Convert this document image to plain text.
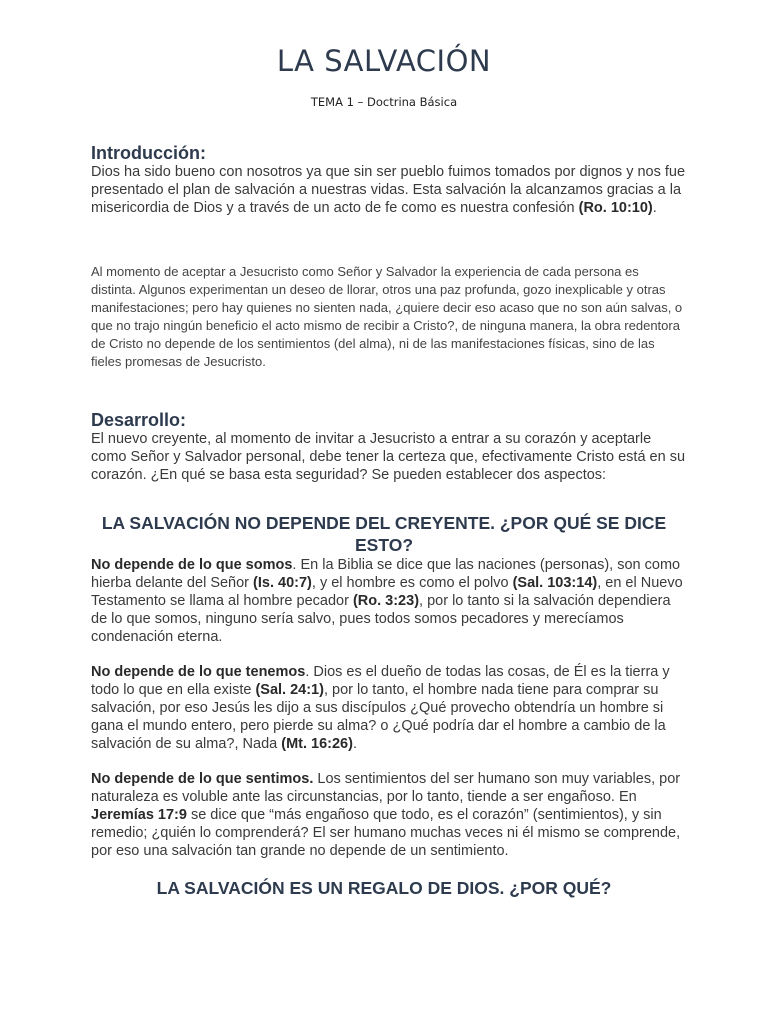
LA SALVACIÓN
TEMA 1 – Doctrina Básica
Introducción:

Dios ha sido bueno con nosotros ya que sin ser pueblo fuimos tomados por dignos y nos fue presentado el plan de salvación a nuestras vidas. Esta salvación la alcanzamos gracias a la misericordia de Dios y a través de un acto de fe como es nuestra confesión (Ro. 10:10).

Al momento de aceptar a Jesucristo como Señor y Salvador la experiencia de cada persona es distinta. Algunos experimentan un deseo de llorar, otros una paz profunda, gozo inexplicable y otras manifestaciones; pero hay quienes no sienten nada, ¿quiere decir eso acaso que no son aún salvas, o que no trajo ningún beneficio el acto mismo de recibir a Cristo?, de ninguna manera, la obra redentora de Cristo no depende de los sentimientos (del alma), ni de las manifestaciones físicas, sino de las fieles promesas de Jesucristo.

Desarrollo:

El nuevo creyente, al momento de invitar a Jesucristo a entrar a su corazón y aceptarle como Señor y Salvador personal, debe tener la certeza que, efectivamente Cristo está en su corazón. ¿En qué se basa esta seguridad? Se pueden establecer dos aspectos:

LA SALVACIÓN NO DEPENDE DEL CREYENTE. ¿POR QUÉ SE DICE ESTO?

No depende de lo que somos. En la Biblia se dice que las naciones (personas), son como hierba delante del Señor (Is. 40:7), y el hombre es como el polvo (Sal. 103:14), en el Nuevo Testamento se llama al hombre pecador (Ro. 3:23), por lo tanto si la salvación dependiera de lo que somos, ninguno sería salvo, pues todos somos pecadores y merecíamos condenación eterna.

No depende de lo que tenemos. Dios es el dueño de todas las cosas, de Él es la tierra y todo lo que en ella existe (Sal. 24:1), por lo tanto, el hombre nada tiene para comprar su salvación, por eso Jesús les dijo a sus discípulos ¿Qué provecho obtendría un hombre si gana el mundo entero, pero pierde su alma? o ¿Qué podría dar el hombre a cambio de la salvación de su alma?, Nada (Mt. 16:26).

No depende de lo que sentimos. Los sentimientos del ser humano son muy variables, por naturaleza es voluble ante las circunstancias, por lo tanto, tiende a ser engañoso. En Jeremías 17:9 se dice que “más engañoso que todo, es el corazón” (sentimientos), y sin remedio; ¿quién lo comprenderá? El ser humano muchas veces ni él mismo se comprende, por eso una salvación tan grande no depende de un sentimiento.

LA SALVACIÓN ES UN REGALO DE DIOS. ¿POR QUÉ?
